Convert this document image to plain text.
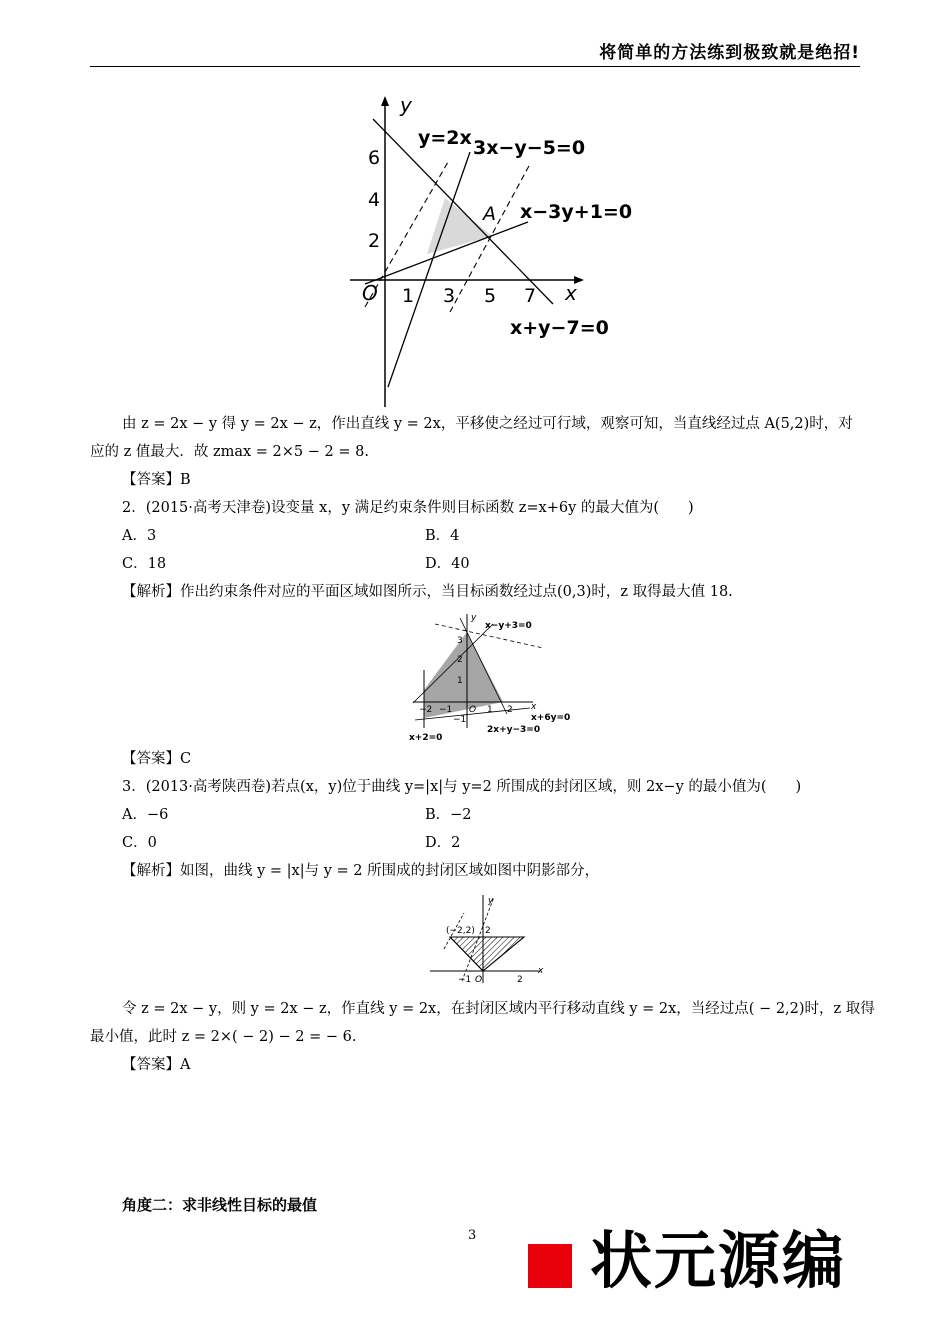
将简单的方法练到极致就是绝招!
y
x
O
6
4
2
1 3 5 7
y=2x 3x−y−5=0
x−3y+1=0
x+y−7=0
A
由 z = 2x − y 得 y = 2x − z，作出直线 y = 2x，平移使之经过可行域，观察可知，当直线经过点 A(5,2)时，对
应的 z 值最大．故 zmax = 2×5 − 2 = 8.
【答案】B
2．(2015·高考天津卷)设变量 x，y 满足约束条件则目标函数 z=x+6y 的最大值为(　　)
A．3	B．4
C．18	D．40
【解析】作出约束条件对应的平面区域如图所示，当目标函数经过点(0,3)时，z 取得最大值 18.
y
x
x−y+3=0
x+6y=0
2x+y−3=0
x+2=0
3
2
1
−1
−2 −1	1 2
O
【答案】C
3．(2013·高考陕西卷)若点(x，y)位于曲线 y=|x|与 y=2 所围成的封闭区域，则 2x−y 的最小值为(　　)
A．−6	B．−2
C．0	D．2
【解析】如图，曲线 y = |x|与 y = 2 所围成的封闭区域如图中阴影部分，
y
x
(−2,2) 2
−1 O	2
令 z = 2x − y，则 y = 2x − z，作直线 y = 2x，在封闭区域内平行移动直线 y = 2x，当经过点( − 2,2)时，z 取得
最小值，此时 z = 2×( − 2) − 2 = − 6.
【答案】A
角度二：求非线性目标的最值
3 状元源编
